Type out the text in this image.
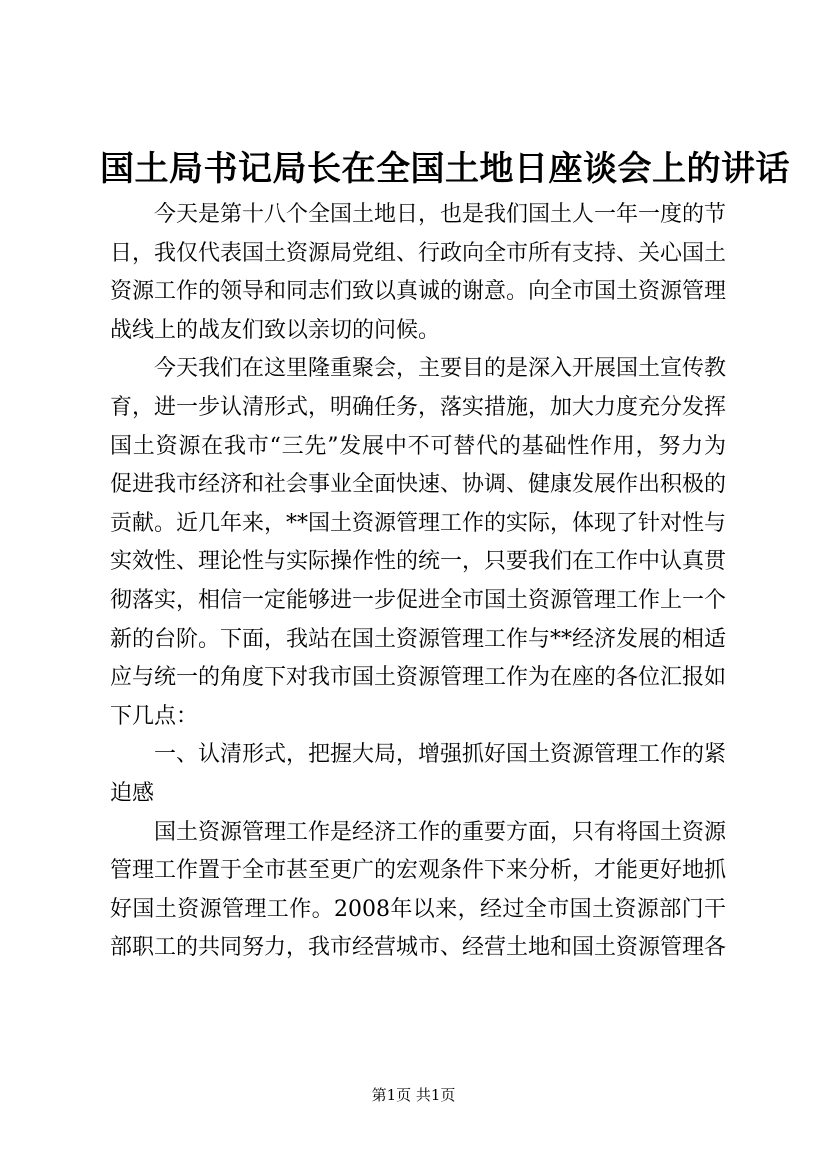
国土局书记局长在全国土地日座谈会上的讲话

今天是第十八个全国土地日，也是我们国土人一年一度的节日，我仅代表国土资源局党组、行政向全市所有支持、关心国土资源工作的领导和同志们致以真诚的谢意。向全市国土资源管理战线上的战友们致以亲切的问候。

今天我们在这里隆重聚会，主要目的是深入开展国土宣传教育，进一步认清形式，明确任务，落实措施，加大力度充分发挥国土资源在我市“三先”发展中不可替代的基础性作用，努力为促进我市经济和社会事业全面快速、协调、健康发展作出积极的贡献。近几年来，**国土资源管理工作的实际，体现了针对性与实效性、理论性与实际操作性的统一，只要我们在工作中认真贯彻落实，相信一定能够进一步促进全市国土资源管理工作上一个新的台阶。下面，我站在国土资源管理工作与**经济发展的相适应与统一的角度下对我市国土资源管理工作为在座的各位汇报如下几点：

一、认清形式，把握大局，增强抓好国土资源管理工作的紧迫感

国土资源管理工作是经济工作的重要方面，只有将国土资源管理工作置于全市甚至更广的宏观条件下来分析，才能更好地抓好国土资源管理工作。2008年以来，经过全市国土资源部门干部职工的共同努力，我市经营城市、经营土地和国土资源管理各

第1页 共1页
